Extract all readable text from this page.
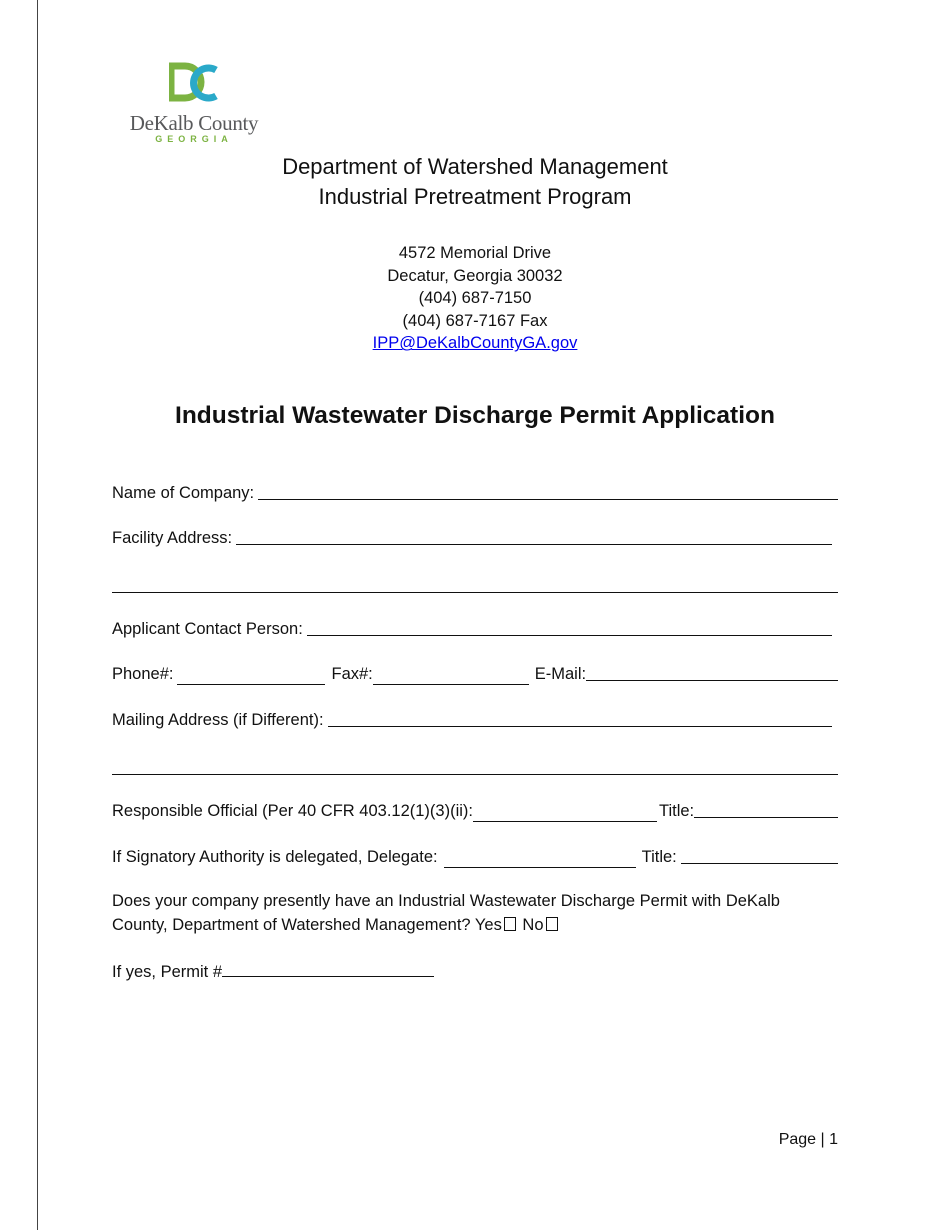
DeKalb County
GEORGIA
Department of Watershed Management
Industrial Pretreatment Program
4572 Memorial Drive
Decatur, Georgia 30032
(404) 687-7150
(404) 687-7167 Fax
IPP@DeKalbCountyGA.gov
Industrial Wastewater Discharge Permit Application
Name of Company:
Facility Address:
Applicant Contact Person:
Phone#:	Fax#:	E-Mail:
Mailing Address (if Different):
Responsible Official (Per 40 CFR 403.12(1)(3)(ii):	Title:
If Signatory Authority is delegated, Delegate:	Title:
Does your company presently have an Industrial Wastewater Discharge Permit with DeKalb County, Department of Watershed Management? Yes No
If yes, Permit #
Page | 1
